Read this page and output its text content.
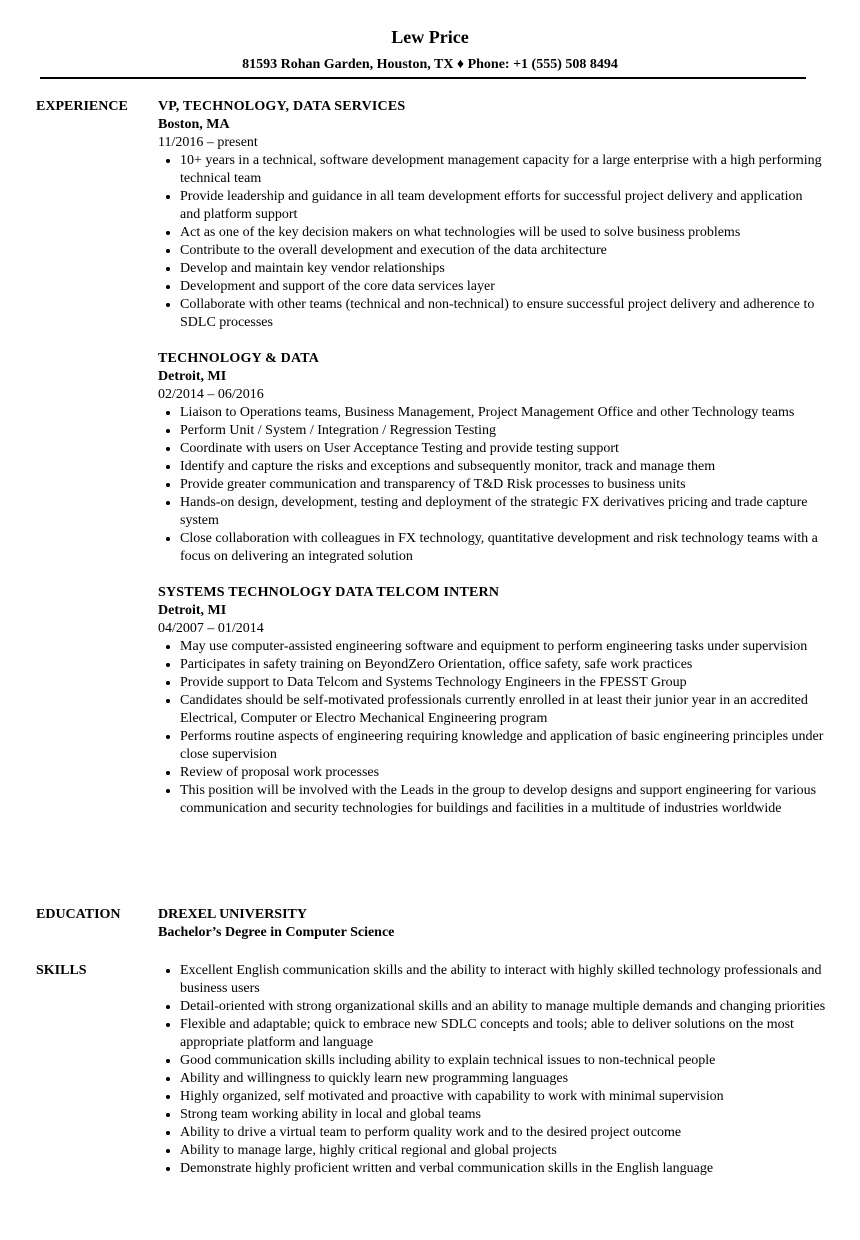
Lew Price
81593 Rohan Garden, Houston, TX ♦ Phone: +1 (555) 508 8494
EXPERIENCE VP, TECHNOLOGY, DATA SERVICES
Boston, MA
11/2016 – present
• 10+ years in a technical, software development management capacity for a large enterprise with a high performing technical team
• Provide leadership and guidance in all team development efforts for successful project delivery and application and platform support
• Act as one of the key decision makers on what technologies will be used to solve business problems
• Contribute to the overall development and execution of the data architecture
• Develop and maintain key vendor relationships
• Development and support of the core data services layer
• Collaborate with other teams (technical and non-technical) to ensure successful project delivery and adherence to SDLC processes
TECHNOLOGY & DATA
Detroit, MI
02/2014 – 06/2016
• Liaison to Operations teams, Business Management, Project Management Office and other Technology teams
• Perform Unit / System / Integration / Regression Testing
• Coordinate with users on User Acceptance Testing and provide testing support
• Identify and capture the risks and exceptions and subsequently monitor, track and manage them
• Provide greater communication and transparency of T&D Risk processes to business units
• Hands-on design, development, testing and deployment of the strategic FX derivatives pricing and trade capture system
• Close collaboration with colleagues in FX technology, quantitative development and risk technology teams with a focus on delivering an integrated solution
SYSTEMS TECHNOLOGY DATA TELCOM INTERN
Detroit, MI
04/2007 – 01/2014
• May use computer-assisted engineering software and equipment to perform engineering tasks under supervision
• Participates in safety training on BeyondZero Orientation, office safety, safe work practices
• Provide support to Data Telcom and Systems Technology Engineers in the FPESST Group
• Candidates should be self-motivated professionals currently enrolled in at least their junior year in an accredited Electrical, Computer or Electro Mechanical Engineering program
• Performs routine aspects of engineering requiring knowledge and application of basic engineering principles under close supervision
• Review of proposal work processes
• This position will be involved with the Leads in the group to develop designs and support engineering for various communication and security technologies for buildings and facilities in a multitude of industries worldwide
EDUCATION	DREXEL UNIVERSITY
Bachelor’s Degree in Computer Science
SKILLS
•	Excellent English communication skills and the ability to interact with highly skilled technology professionals and business users
• Detail-oriented with strong organizational skills and an ability to manage multiple demands and changing priorities
• Flexible and adaptable; quick to embrace new SDLC concepts and tools; able to deliver solutions on the most appropriate platform and language
• Good communication skills including ability to explain technical issues to non-technical people
• Ability and willingness to quickly learn new programming languages
• Highly organized, self motivated and proactive with capability to work with minimal supervision
• Strong team working ability in local and global teams
• Ability to drive a virtual team to perform quality work and to the desired project outcome
• Ability to manage large, highly critical regional and global projects
• Demonstrate highly proficient written and verbal communication skills in the English language
